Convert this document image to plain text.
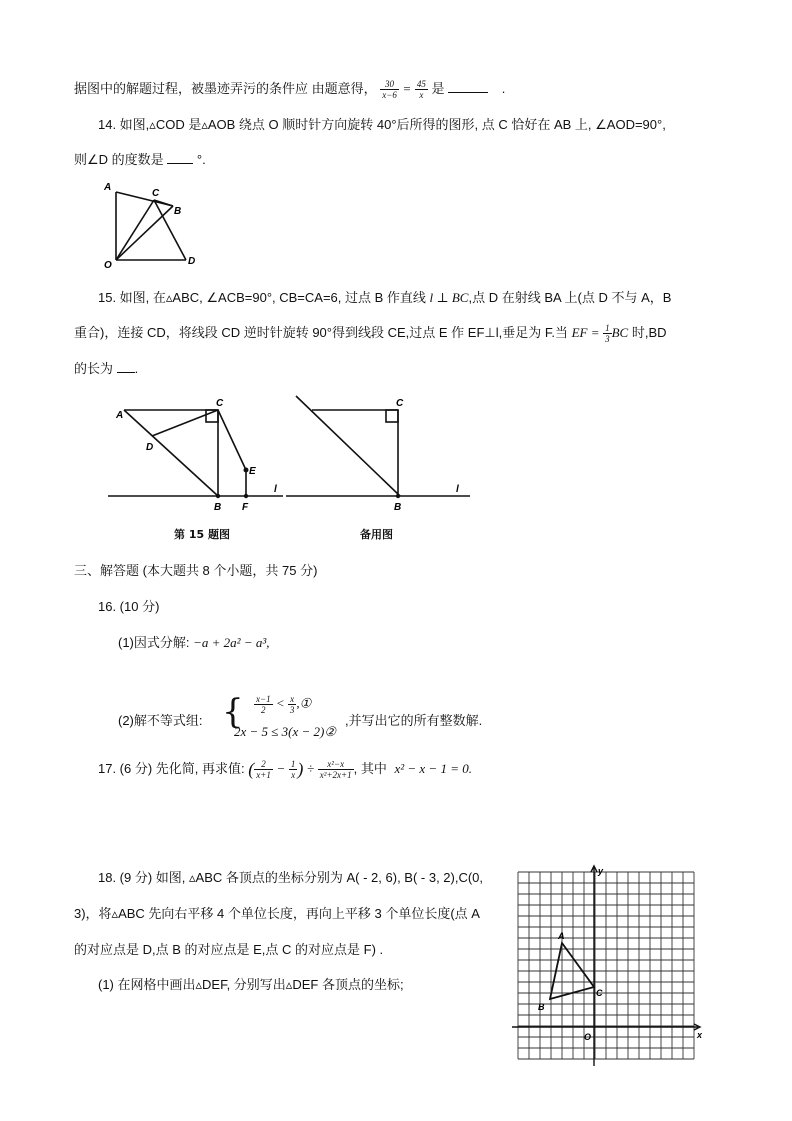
据图中的解题过程，被墨迹弄污的条件应 由题意得， $\frac{30}{x-6} = \frac{45}{x}$ 是	.
14. 如图,▵COD 是▵AOB 绕点 O 顺时针方向旋转 40°后所得的图形, 点 C 恰好在 AB 上, ∠AOD=90°,
则∠D 的度数是	°.
A
C
B
O	D
15. 如图, 在▵ABC, ∠ACB=90°, CB=CA=6, 过点 B 作直线 l ⊥ BC,点 D 在射线 BA 上(点 D 不与 A，B
重合)，连接 CD，将线段 CD 逆时针旋转 90°得到线段 CE,过点 E 作 EF⊥l,垂足为 F.当 EF = $\frac{1}{3}$ BC 时,BD
的长为 .
A
C
D
E
B F
l
C
B
l
第 15 题图	备用图
三、解答题 (本大题共 8 个小题，共 75 分)
16. (10 分)
(1)因式分解: −a + 2a² − a³,
(2)解不等式组: { $\frac{x-1}{2} < \frac{x}{3}$ ,①
2x − 5 ≤ 3(x − 2)②
,并写出它的所有整数解.
17. (6 分) 先化简, 再求值: ( $\frac{2}{x+1} - \frac{1}{x}$ ) ÷ $\frac{\text{x²−x}}{\text{x²+2x+1}}$ , 其中 x² − x − 1 = 0.
18. (9 分) 如图, ▵ABC 各顶点的坐标分别为 A( - 2, 6), B( - 3, 2),C(0,
3)，将▵ABC 先向右平移 4 个单位长度，再向上平移 3 个单位长度(点 A
的对应点是 D,点 B 的对应点是 E,点 C 的对应点是 F) .
(1) 在网格中画出▵DEF, 分别写出▵DEF 各顶点的坐标;
y
A
B
C
O	x
